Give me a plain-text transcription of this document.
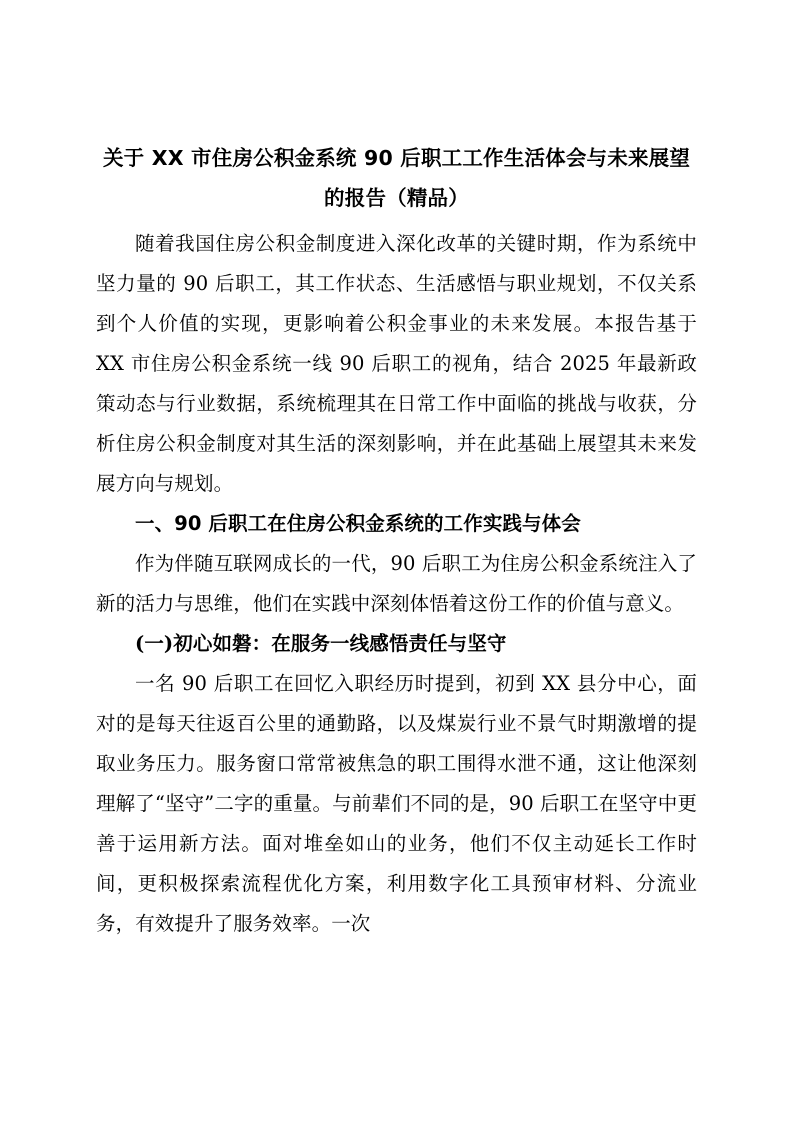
关于 XX 市住房公积金系统 90 后职工工作生活体会与未来展望的报告（精品）

随着我国住房公积金制度进入深化改革的关键时期，作为系统中坚力量的 90 后职工，其工作状态、生活感悟与职业规划，不仅关系到个人价值的实现，更影响着公积金事业的未来发展。本报告基于 XX 市住房公积金系统一线 90 后职工的视角，结合 2025 年最新政策动态与行业数据，系统梳理其在日常工作中面临的挑战与收获，分析住房公积金制度对其生活的深刻影响，并在此基础上展望其未来发展方向与规划。

一、90 后职工在住房公积金系统的工作实践与体会

作为伴随互联网成长的一代，90 后职工为住房公积金系统注入了新的活力与思维，他们在实践中深刻体悟着这份工作的价值与意义。

(一)初心如磐：在服务一线感悟责任与坚守

一名 90 后职工在回忆入职经历时提到，初到 XX 县分中心，面对的是每天往返百公里的通勤路，以及煤炭行业不景气时期激增的提取业务压力。服务窗口常常被焦急的职工围得水泄不通，这让他深刻理解了“坚守”二字的重量。与前辈们不同的是，90 后职工在坚守中更善于运用新方法。面对堆垒如山的业务，他们不仅主动延长工作时间，更积极探索流程优化方案，利用数字化工具预审材料、分流业务，有效提升了服务效率。一次
